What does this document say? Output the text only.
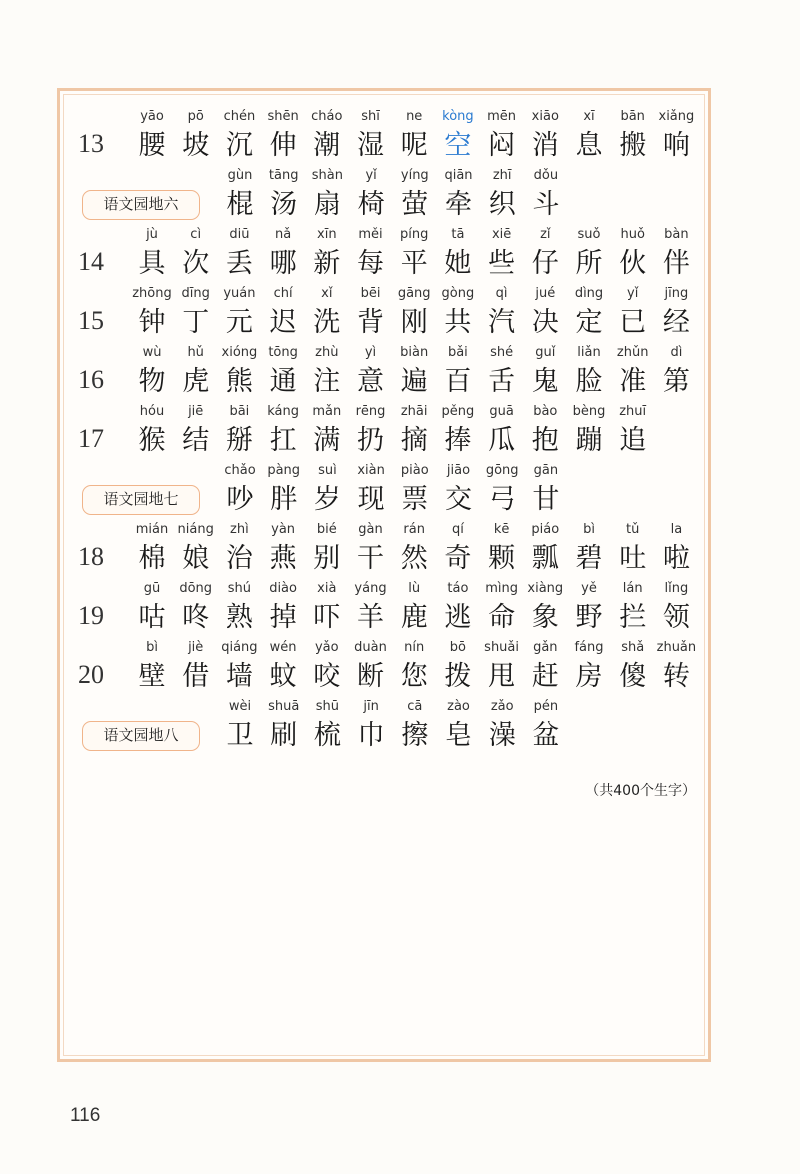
13
yāo
腰
pō
坡
chén
沉
shēn
伸
cháo
潮
shī
湿
ne
呢
kòng
空
mēn
闷
xiāo
消
xī
息
bān
搬
xiǎng
响
语文园地六
gùn
棍
tāng
汤
shàn
扇
yǐ
椅
yíng
萤
qiān
牵
zhī
织
dǒu
斗
14
jù
具
cì
次
diū
丢
nǎ
哪
xīn
新
měi
每
píng
平
tā
她
xiē
些
zǐ
仔
suǒ
所
huǒ
伙
bàn
伴
15
zhōng
钟
dīng
丁
yuán
元
chí
迟
xǐ
洗
bēi
背
gāng
刚
gòng
共
qì
汽
jué
决
dìng
定
yǐ
已
jīng
经
16
wù
物
hǔ
虎
xióng
熊
tōng
通
zhù
注
yì
意
biàn
遍
bǎi
百
shé
舌
guǐ
鬼
liǎn
脸
zhǔn
准
dì
第
17
hóu
猴
jiē
结
bāi
掰
káng
扛
mǎn
满
rēng
扔
zhāi
摘
pěng
捧
guā
瓜
bào
抱
bèng
蹦
zhuī
追
语文园地七
chǎo
吵
pàng
胖
suì
岁
xiàn
现
piào
票
jiāo
交
gōng
弓
gān
甘
18
mián
棉
niáng
娘
zhì
治
yàn
燕
bié
别
gàn
干
rán
然
qí
奇
kē
颗
piáo
瓢
bì
碧
tǔ
吐
la
啦
19
gū
咕
dōng
咚
shú
熟
diào
掉
xià
吓
yáng
羊
lù
鹿
táo
逃
mìng
命
xiàng
象
yě
野
lán
拦
lǐng
领
20
bì
壁
jiè
借
qiáng
墙
wén
蚊
yǎo
咬
duàn
断
nín
您
bō
拨
shuǎi
甩
gǎn
赶
fáng
房
shǎ
傻
zhuǎn
转
语文园地八
wèi
卫
shuā
刷
shū
梳
jīn
巾
cā
擦
zào
皂
zǎo
澡
pén
盆
（共400个生字）
116
